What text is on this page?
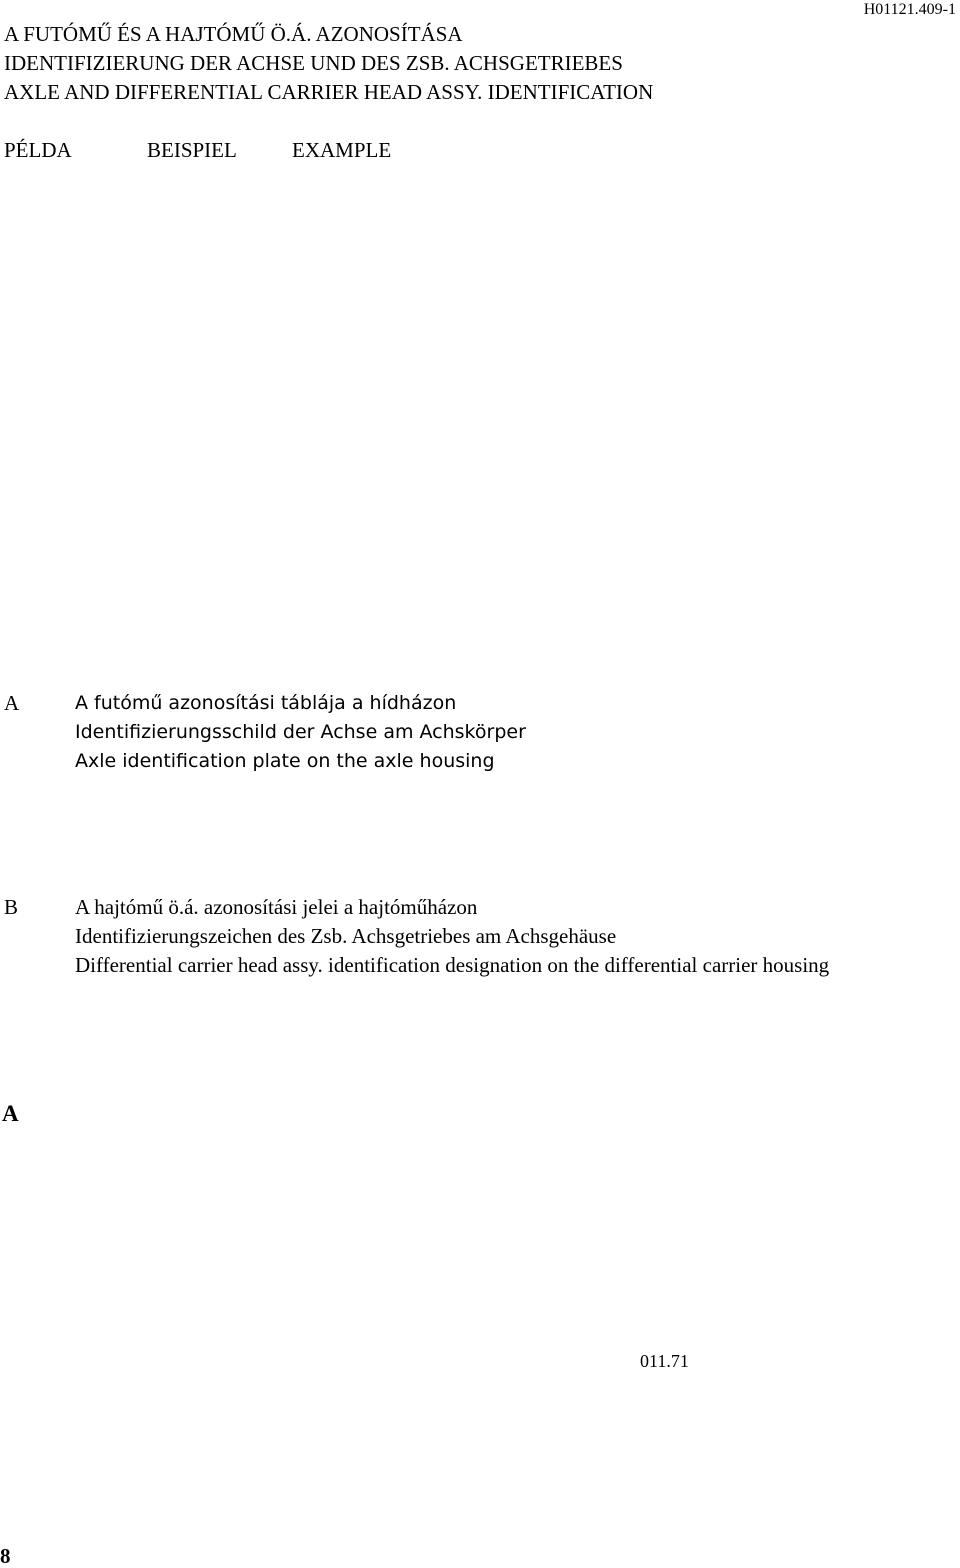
H01121.409-1
A FUTÓMŰ ÉS A HAJTÓMŰ Ö.Á. AZONOSÍTÁSA
IDENTIFIZIERUNG DER ACHSE UND DES ZSB. ACHSGETRIEBES
AXLE AND DIFFERENTIAL CARRIER HEAD ASSY. IDENTIFICATION
PÉLDA	BEISPIEL	EXAMPLE
A	A futómű azonosítási táblája a hídházon
Identifizierungsschild der Achse am Achskörper
Axle identification plate on the axle housing
B	A hajtómű ö.á. azonosítási jelei a hajtóműházon
Identifizierungszeichen des Zsb. Achsgetriebes am Achsgehäuse
Differential carrier head assy. identification designation on the differential carrier housing
A
011.71
8
